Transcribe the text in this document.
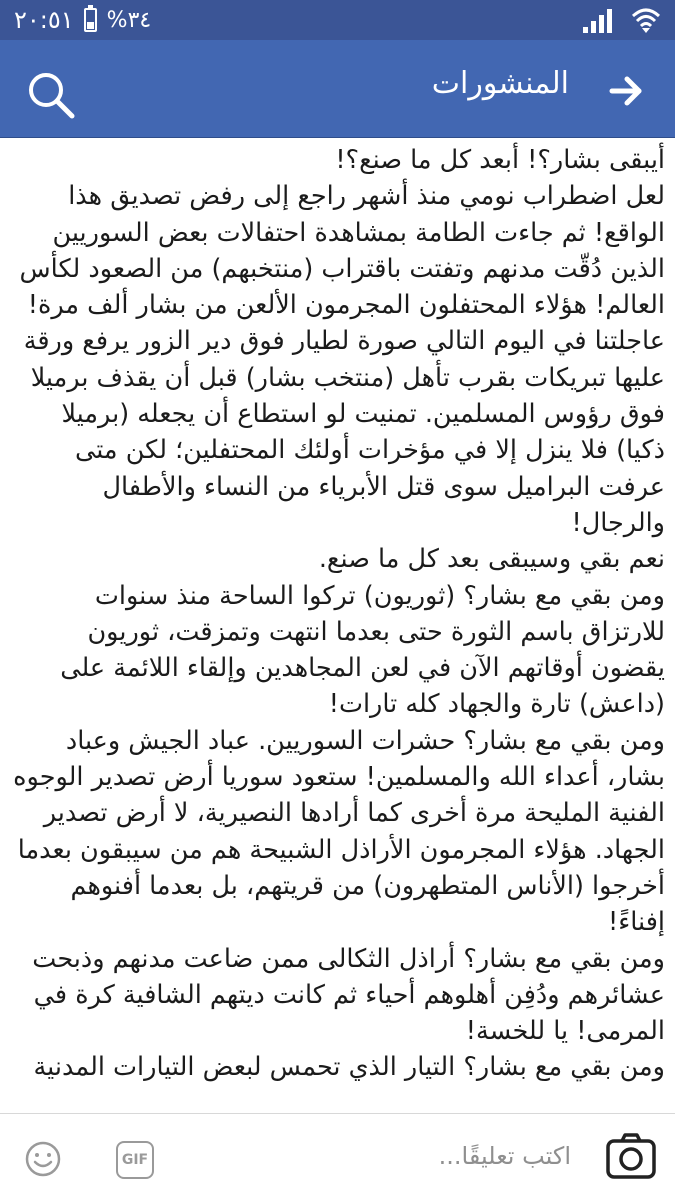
٢٠:٥١ %٣٤
المنشورات

أيبقى بشار؟! أبعد كل ما صنع؟!

لعل اضطراب نومي منذ أشهر راجع إلى رفض تصديق هذا الواقع! ثم جاءت الطامة بمشاهدة احتفالات بعض السوريين الذين دُقّت مدنهم وتفتت باقتراب (منتخبهم) من الصعود لكأس العالم! هؤلاء المحتفلون المجرمون الألعن من بشار ألف مرة! عاجلتنا في اليوم التالي صورة لطيار فوق دير الزور يرفع ورقة عليها تبريكات بقرب تأهل (منتخب بشار) قبل أن يقذف برميلا فوق رؤوس المسلمين. تمنيت لو استطاع أن يجعله (برميلا ذكيا) فلا ينزل إلا في مؤخرات أولئك المحتفلين؛ لكن متى عرفت البراميل سوى قتل الأبرياء من النساء والأطفال والرجال!

نعم بقي وسيبقى بعد كل ما صنع.

ومن بقي مع بشار؟ (ثوريون) تركوا الساحة منذ سنوات للارتزاق باسم الثورة حتى بعدما انتهت وتمزقت، ثوريون يقضون أوقاتهم الآن في لعن المجاهدين وإلقاء اللائمة على (داعش) تارة والجهاد كله تارات!

ومن بقي مع بشار؟ حشرات السوريين. عباد الجيش وعباد بشار، أعداء الله والمسلمين! ستعود سوريا أرض تصدير الوجوه الفنية المليحة مرة أخرى كما أرادها النصيرية، لا أرض تصدير الجهاد. هؤلاء المجرمون الأراذل الشبيحة هم من سيبقون بعدما أخرجوا (الأناس المتطهرون) من قريتهم، بل بعدما أفنوهم إفناءً!

ومن بقي مع بشار؟ أراذل الثكالى ممن ضاعت مدنهم وذبحت عشائرهم ودُفِن أهلوهم أحياء ثم كانت ديتهم الشافية كرة في المرمى! يا للخسة!

ومن بقي مع بشار؟ التيار الذي تحمس لبعض التيارات المدنية

اكتب تعليقًا...
GIF
